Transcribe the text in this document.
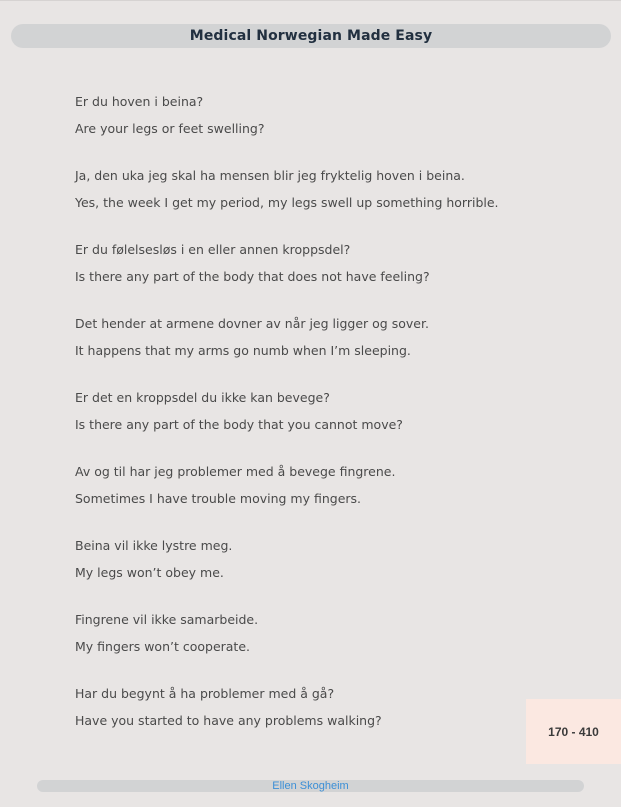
Medical Norwegian Made Easy
Er du hoven i beina?
Are your legs or feet swelling?
Ja, den uka jeg skal ha mensen blir jeg fryktelig hoven i beina.
Yes, the week I get my period, my legs swell up something horrible.
Er du følelsesløs i en eller annen kroppsdel?
Is there any part of the body that does not have feeling?
Det hender at armene dovner av når jeg ligger og sover.
It happens that my arms go numb when I’m sleeping.
Er det en kroppsdel du ikke kan bevege?
Is there any part of the body that you cannot move?
Av og til har jeg problemer med å bevege fingrene.
Sometimes I have trouble moving my fingers.
Beina vil ikke lystre meg.
My legs won’t obey me.
Fingrene vil ikke samarbeide.
My fingers won’t cooperate.
Har du begynt å ha problemer med å gå?
Have you started to have any problems walking?
170 - 410
Ellen Skogheim
